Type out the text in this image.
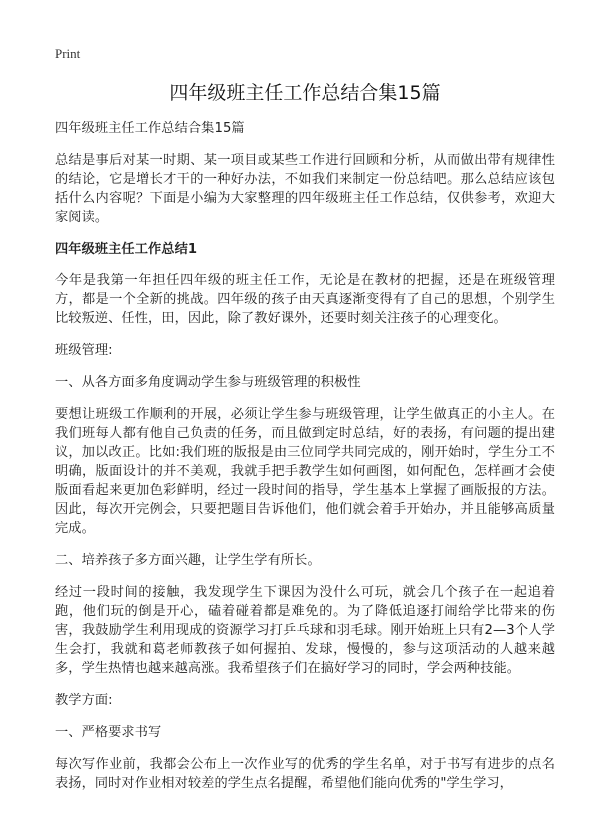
Print
四年级班主任工作总结合集15篇

四年级班主任工作总结合集15篇

总结是事后对某一时期、某一项目或某些工作进行回顾和分析，从而做出带有规律性的结论，它是增长才干的一种好办法，不如我们来制定一份总结吧。那么总结应该包括什么内容呢？下面是小编为大家整理的四年级班主任工作总结，仅供参考，欢迎大家阅读。

四年级班主任工作总结1

今年是我第一年担任四年级的班主任工作，无论是在教材的把握，还是在班级管理方，都是一个全新的挑战。四年级的孩子由天真逐渐变得有了自己的思想，个别学生比较叛逆、任性，田，因此，除了教好课外，还要时刻关注孩子的心理变化。

班级管理:

一、从各方面多角度调动学生参与班级管理的积极性

要想让班级工作顺利的开展，必须让学生参与班级管理，让学生做真正的小主人。在我们班每人都有他自己负责的任务，而且做到定时总结，好的表扬，有问题的提出建议，加以改正。比如:我们班的版报是由三位同学共同完成的，刚开始时，学生分工不明确，版面设计的并不美观，我就手把手教学生如何画图，如何配色，怎样画才会使版面看起来更加色彩鲜明，经过一段时间的指导，学生基本上掌握了画版报的方法。因此，每次开完例会，只要把题目告诉他们，他们就会着手开始办，并且能够高质量完成。

二、培养孩子多方面兴趣，让学生学有所长。

经过一段时间的接触，我发现学生下课因为没什么可玩，就会几个孩子在一起追着跑，他们玩的倒是开心，磕着碰着都是难免的。为了降低追逐打闹给学比带来的伤害，我鼓励学生利用现成的资源学习打乒乓球和羽毛球。刚开始班上只有2—3个人学生会打，我就和葛老师教孩子如何握拍、发球，慢慢的，参与这项活动的人越来越多，学生热情也越来越高涨。我希望孩子们在搞好学习的同时，学会两种技能。

教学方面:

一、严格要求书写

每次写作业前，我都会公布上一次作业写的优秀的学生名单，对于书写有进步的点名表扬，同时对作业相对较差的学生点名提醒，希望他们能向优秀的"学生学习，
